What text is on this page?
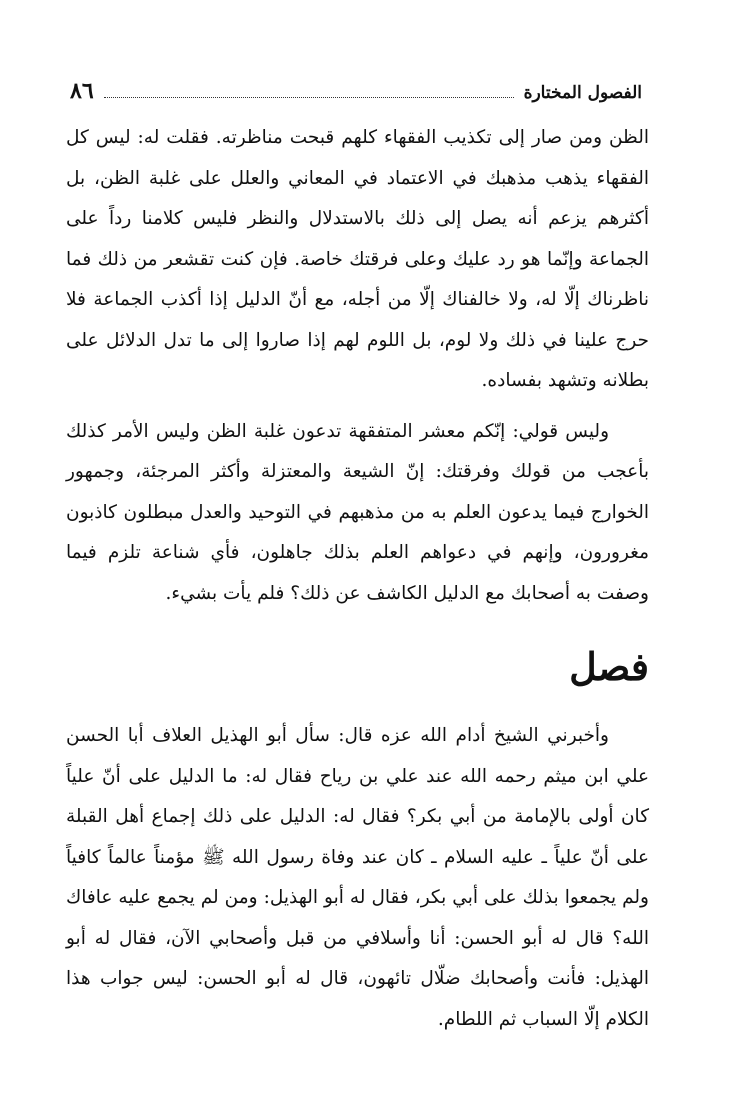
الفصول المختارة
٨٦

الظن ومن صار إلى تكذيب الفقهاء كلهم قبحت مناظرته. فقلت له: ليس كل الفقهاء يذهب مذهبك في الاعتماد في المعاني والعلل على غلبة الظن، بل أكثرهم يزعم أنه يصل إلى ذلك بالاستدلال والنظر فليس كلامنا رداً على الجماعة وإنّما هو رد عليك وعلى فرقتك خاصة. فإن كنت تقشعر من ذلك فما ناظرناك إلّا له، ولا خالفناك إلّا من أجله، مع أنّ الدليل إذا أكذب الجماعة فلا حرج علينا في ذلك ولا لوم، بل اللوم لهم إذا صاروا إلى ما تدل الدلائل على بطلانه وتشهد بفساده.

وليس قولي: إنّكم معشر المتفقهة تدعون غلبة الظن وليس الأمر كذلك بأعجب من قولك وفرقتك: إنّ الشيعة والمعتزلة وأكثر المرجئة، وجمهور الخوارج فيما يدعون العلم به من مذهبهم في التوحيد والعدل مبطلون كاذبون مغرورون، وإنهم في دعواهم العلم بذلك جاهلون، فأي شناعة تلزم فيما وصفت به أصحابك مع الدليل الكاشف عن ذلك؟ فلم يأت بشيء.

فصل

وأخبرني الشيخ أدام الله عزه قال: سأل أبو الهذيل العلاف أبا الحسن علي ابن ميثم رحمه الله عند علي بن رياح فقال له: ما الدليل على أنّ علياً كان أولى بالإمامة من أبي بكر؟ فقال له: الدليل على ذلك إجماع أهل القبلة على أنّ علياً ـ عليه السلام ـ كان عند وفاة رسول الله ﷺ مؤمناً عالماً كافياً ولم يجمعوا بذلك على أبي بكر، فقال له أبو الهذيل: ومن لم يجمع عليه عافاك الله؟ قال له أبو الحسن: أنا وأسلافي من قبل وأصحابي الآن، فقال له أبو الهذيل: فأنت وأصحابك ضلّال تائهون، قال له أبو الحسن: ليس جواب هذا الكلام إلّا السباب ثم اللطام.
